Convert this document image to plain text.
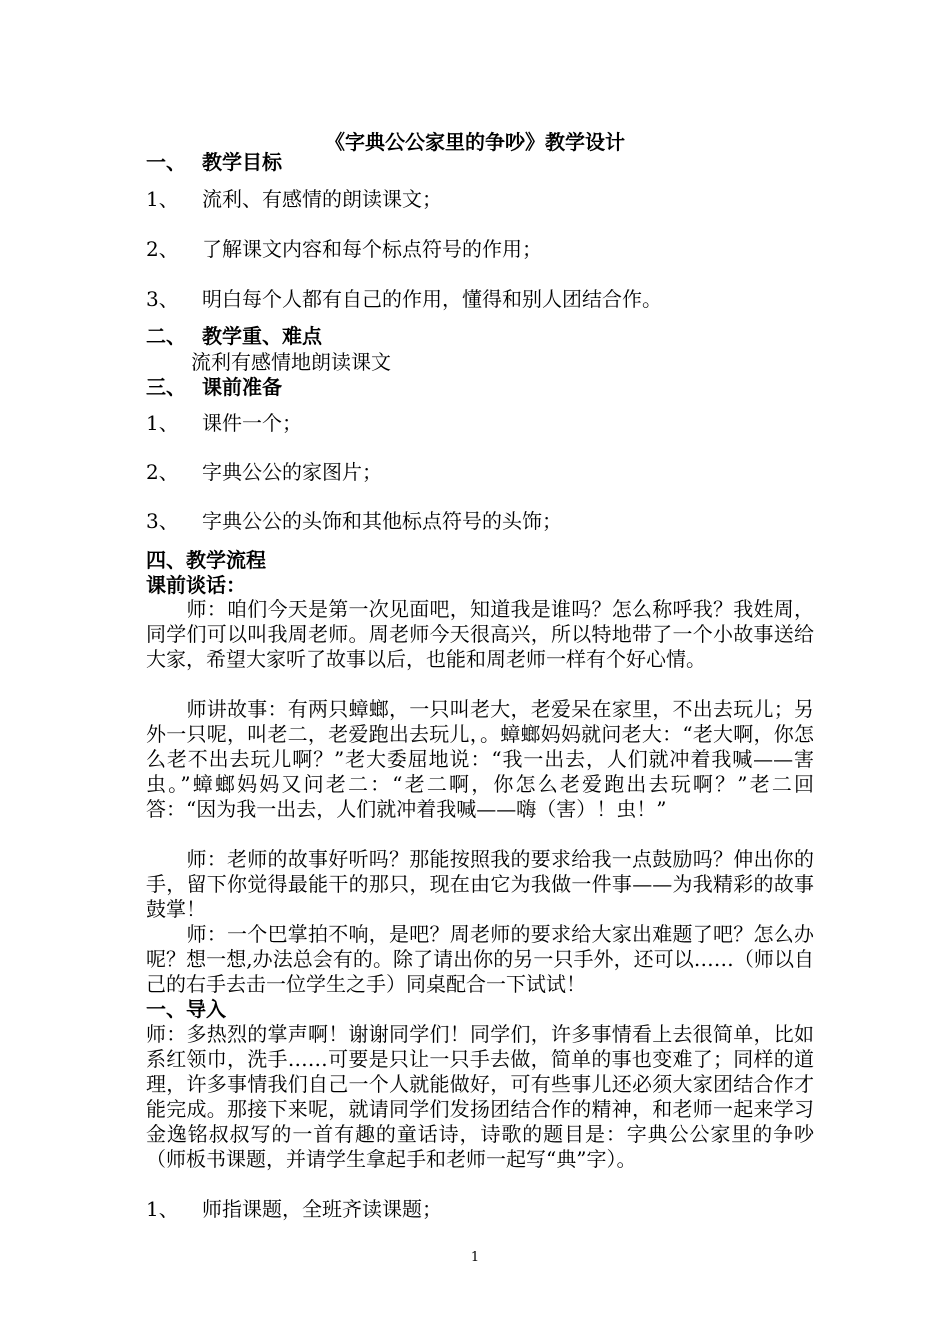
《字典公公家里的争吵》教学设计
一、 教学目标
1、 流利、有感情的朗读课文；
2、 了解课文内容和每个标点符号的作用；
3、 明白每个人都有自己的作用，懂得和别人团结合作。
二、 教学重、难点
流利有感情地朗读课文
三、 课前准备
1、 课件一个；
2、 字典公公的家图片；
3、 字典公公的头饰和其他标点符号的头饰；
四、教学流程
课前谈话：
　　师：咱们今天是第一次见面吧，知道我是谁吗？怎么称呼我？我姓周，同学们可以叫我周老师。周老师今天很高兴，所以特地带了一个小故事送给大家，希望大家听了故事以后，也能和周老师一样有个好心情。
　　师讲故事：有两只蟑螂，一只叫老大，老爱呆在家里，不出去玩儿；另外一只呢，叫老二，老爱跑出去玩儿，。蟑螂妈妈就问老大：“老大啊，你怎么老不出去玩儿啊？”老大委屈地说：“我一出去，人们就冲着我喊——害虫。”蟑螂妈妈又问老二：“老二啊，你怎么老爱跑出去玩啊？”老二回答：“因为我一出去，人们就冲着我喊——嗨（害）！虫！”
　　师：老师的故事好听吗？那能按照我的要求给我一点鼓励吗？伸出你的手，留下你觉得最能干的那只，现在由它为我做一件事——为我精彩的故事鼓掌！
　　师：一个巴掌拍不响，是吧？周老师的要求给大家出难题了吧？怎么办呢？想一想,办法总会有的。除了请出你的另一只手外，还可以……（师以自己的右手去击一位学生之手）同桌配合一下试试！
一、导入
师：多热烈的掌声啊！谢谢同学们！同学们，许多事情看上去很简单，比如系红领巾，洗手……可要是只让一只手去做，简单的事也变难了；同样的道理，许多事情我们自己一个人就能做好，可有些事儿还必须大家团结合作才能完成。那接下来呢，就请同学们发扬团结合作的精神，和老师一起来学习金逸铭叔叔写的一首有趣的童话诗，诗歌的题目是：字典公公家里的争吵（师板书课题，并请学生拿起手和老师一起写“典”字）。
1、 师指课题，全班齐读课题；
1
